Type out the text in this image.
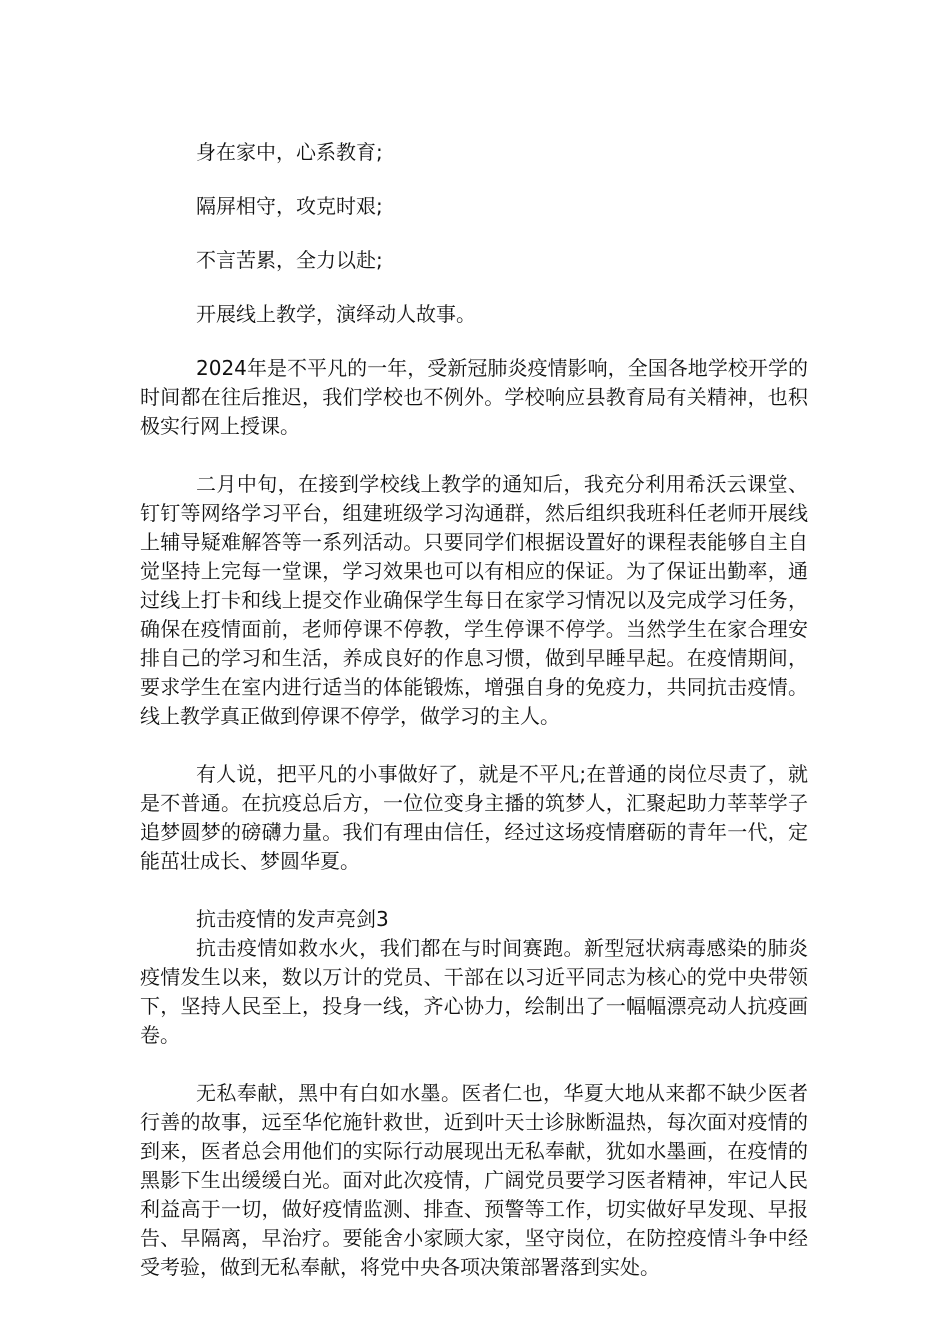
身在家中，心系教育;

隔屏相守，攻克时艰;

不言苦累，全力以赴;

开展线上教学，演绎动人故事。

2024年是不平凡的一年，受新冠肺炎疫情影响，全国各地学校开学的时间都在往后推迟，我们学校也不例外。学校响应县教育局有关精神，也积极实行网上授课。

二月中旬，在接到学校线上教学的通知后，我充分利用希沃云课堂、钉钉等网络学习平台，组建班级学习沟通群，然后组织我班科任老师开展线上辅导疑难解答等一系列活动。只要同学们根据设置好的课程表能够自主自觉坚持上完每一堂课，学习效果也可以有相应的保证。为了保证出勤率，通过线上打卡和线上提交作业确保学生每日在家学习情况以及完成学习任务，确保在疫情面前，老师停课不停教，学生停课不停学。当然学生在家合理安排自己的学习和生活，养成良好的作息习惯，做到早睡早起。在疫情期间，要求学生在室内进行适当的体能锻炼，增强自身的免疫力，共同抗击疫情。线上教学真正做到停课不停学，做学习的主人。

有人说，把平凡的小事做好了，就是不平凡;在普通的岗位尽责了，就是不普通。在抗疫总后方，一位位变身主播的筑梦人，汇聚起助力莘莘学子追梦圆梦的磅礴力量。我们有理由信任，经过这场疫情磨砺的青年一代，定能茁壮成长、梦圆华夏。

抗击疫情的发声亮剑3

抗击疫情如救水火，我们都在与时间赛跑。新型冠状病毒感染的肺炎疫情发生以来，数以万计的党员、干部在以习近平同志为核心的党中央带领下，坚持人民至上，投身一线，齐心协力，绘制出了一幅幅漂亮动人抗疫画卷。

无私奉献，黑中有白如水墨。医者仁也，华夏大地从来都不缺少医者行善的故事，远至华佗施针救世，近到叶天士诊脉断温热，每次面对疫情的到来，医者总会用他们的实际行动展现出无私奉献，犹如水墨画，在疫情的黑影下生出缓缓白光。面对此次疫情，广阔党员要学习医者精神，牢记人民利益高于一切，做好疫情监测、排查、预警等工作，切实做好早发现、早报告、早隔离，早治疗。要能舍小家顾大家，坚守岗位，在防控疫情斗争中经受考验，做到无私奉献，将党中央各项决策部署落到实处。
